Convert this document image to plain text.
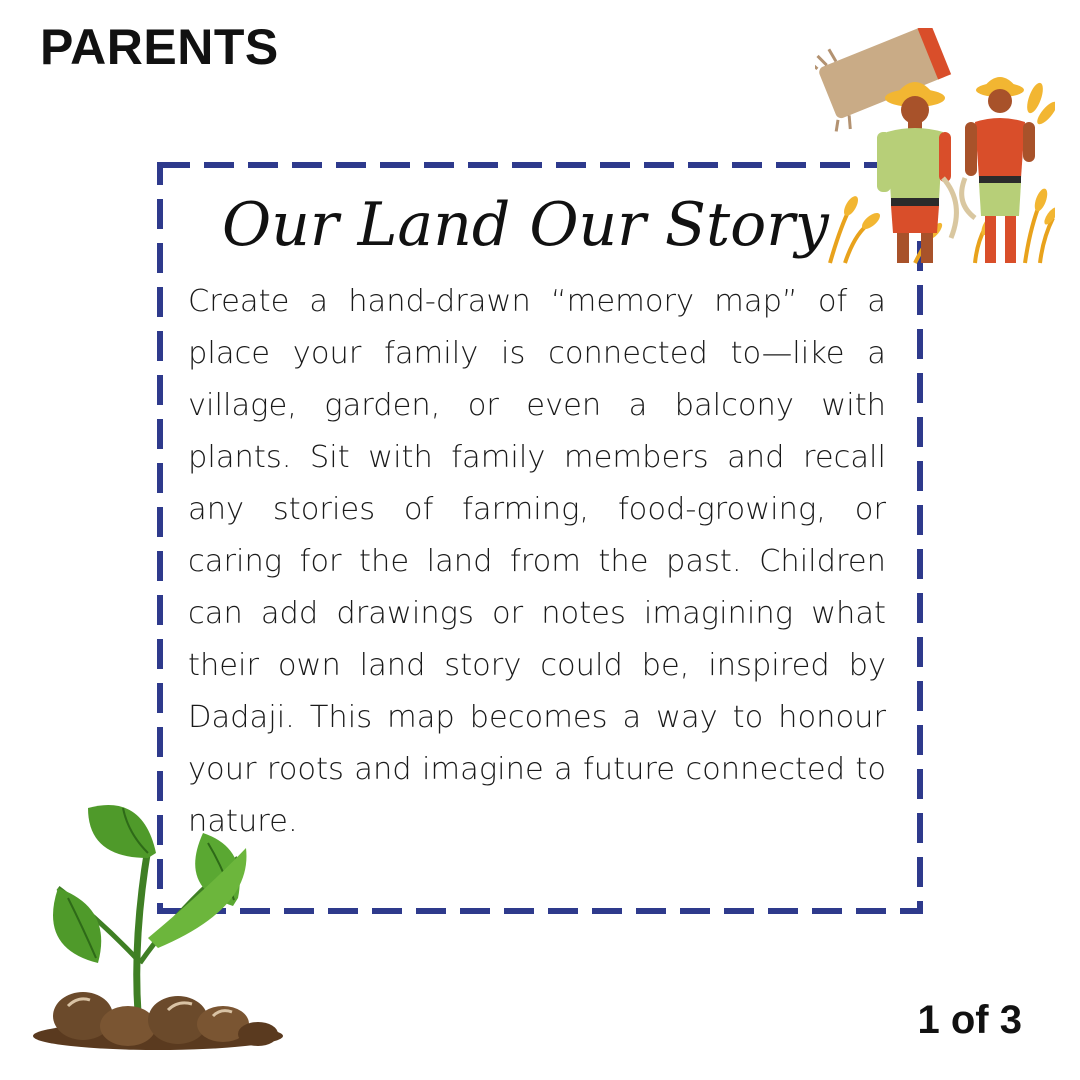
PARENTS
Our Land Our Story

Create a hand-drawn “memory map” of a place your family is connected to—like a village, garden, or even a balcony with plants. Sit with family members and recall any stories of farming, food-growing, or caring for the land from the past. Children can add drawings or notes imagining what their own land story could be, inspired by Dadaji. This map becomes a way to honour your roots and imagine a future connected to nature.

1 of 3
